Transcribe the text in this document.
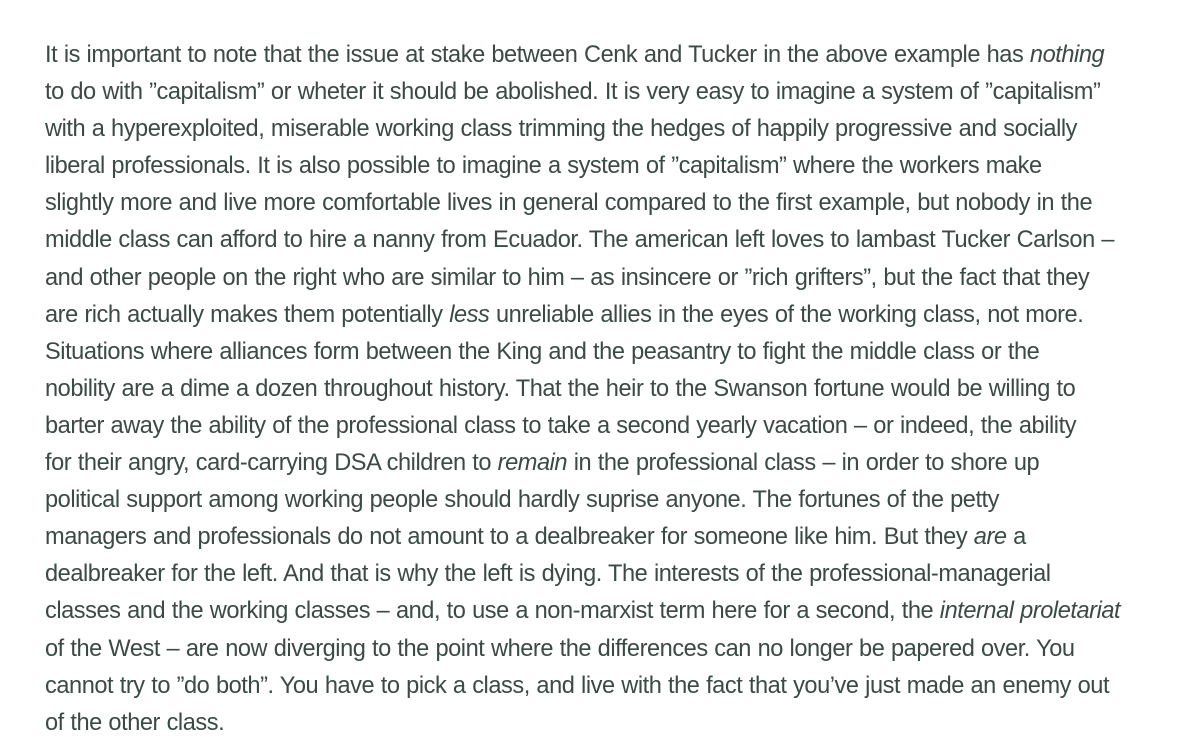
It is important to note that the issue at stake between Cenk and Tucker in the above example has nothing
to do with ”capitalism” or wheter it should be abolished. It is very easy to imagine a system of ”capitalism”
with a hyperexploited, miserable working class trimming the hedges of happily progressive and socially
liberal professionals. It is also possible to imagine a system of ”capitalism” where the workers make
slightly more and live more comfortable lives in general compared to the first example, but nobody in the
middle class can afford to hire a nanny from Ecuador. The american left loves to lambast Tucker Carlson –
and other people on the right who are similar to him – as insincere or ”rich grifters”, but the fact that they
are rich actually makes them potentially less unreliable allies in the eyes of the working class, not more.
Situations where alliances form between the King and the peasantry to fight the middle class or the
nobility are a dime a dozen throughout history. That the heir to the Swanson fortune would be willing to
barter away the ability of the professional class to take a second yearly vacation – or indeed, the ability
for their angry, card-carrying DSA children to remain in the professional class – in order to shore up
political support among working people should hardly suprise anyone. The fortunes of the petty
managers and professionals do not amount to a dealbreaker for someone like him. But they are a
dealbreaker for the left. And that is why the left is dying. The interests of the professional-managerial
classes and the working classes – and, to use a non-marxist term here for a second, the internal proletariat
of the West – are now diverging to the point where the differences can no longer be papered over. You
cannot try to ”do both”. You have to pick a class, and live with the fact that you’ve just made an enemy out
of the other class.
